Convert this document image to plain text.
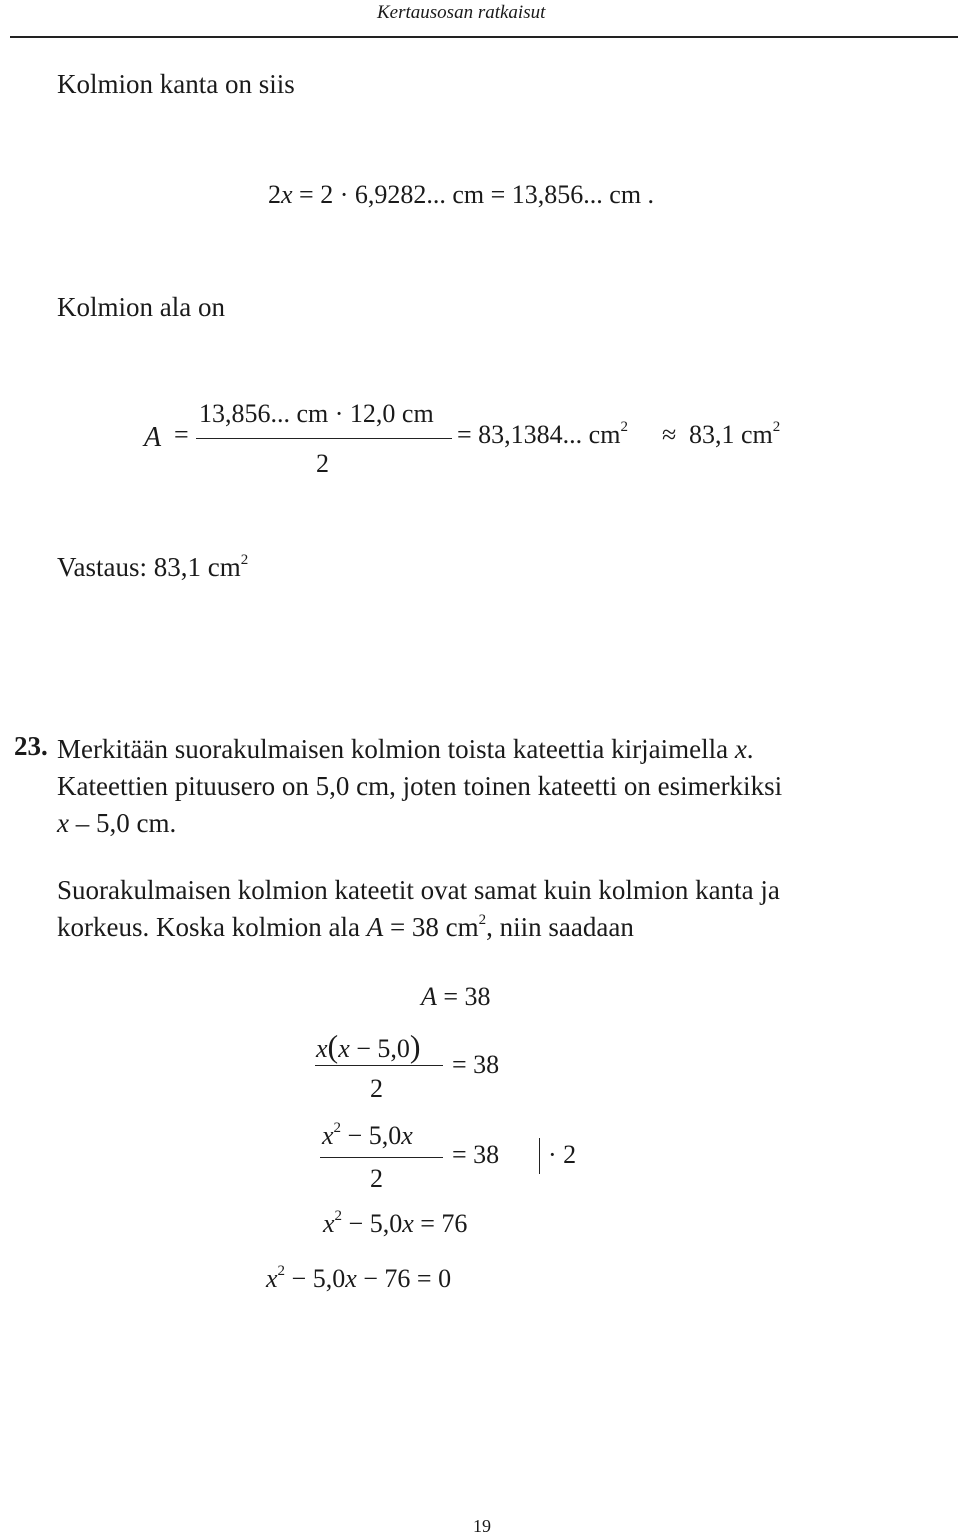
Kertausosan ratkaisut
Kolmion kanta on siis
2x = 2 · 6,9282... cm = 13,856... cm .
Kolmion ala on
A =
13,856... cm · 12,0 cm
2
= 83,1384... $cm^2 \approx 83,1$ $cm^2$
Vastaus: 83,1 $cm^2$
23. Merkitään suorakulmaisen kolmion toista kateettia kirjaimella x.
Kateettien pituusero on 5,0 cm, joten toinen kateetti on esimerkiksi
x – 5,0 cm.
Suorakulmaisen kolmion kateetit ovat samat kuin kolmion kanta ja
korkeus. Koska kolmion ala A = 38 $cm^2$, niin saadaan
A = 38
x(x − 5,0)
2
= 38
$x^2 - 5,0x$
2
= 38 · 2
$x^2 - 5,0x = 76$
$x^2 - 5,0x - 76 = 0$
19
